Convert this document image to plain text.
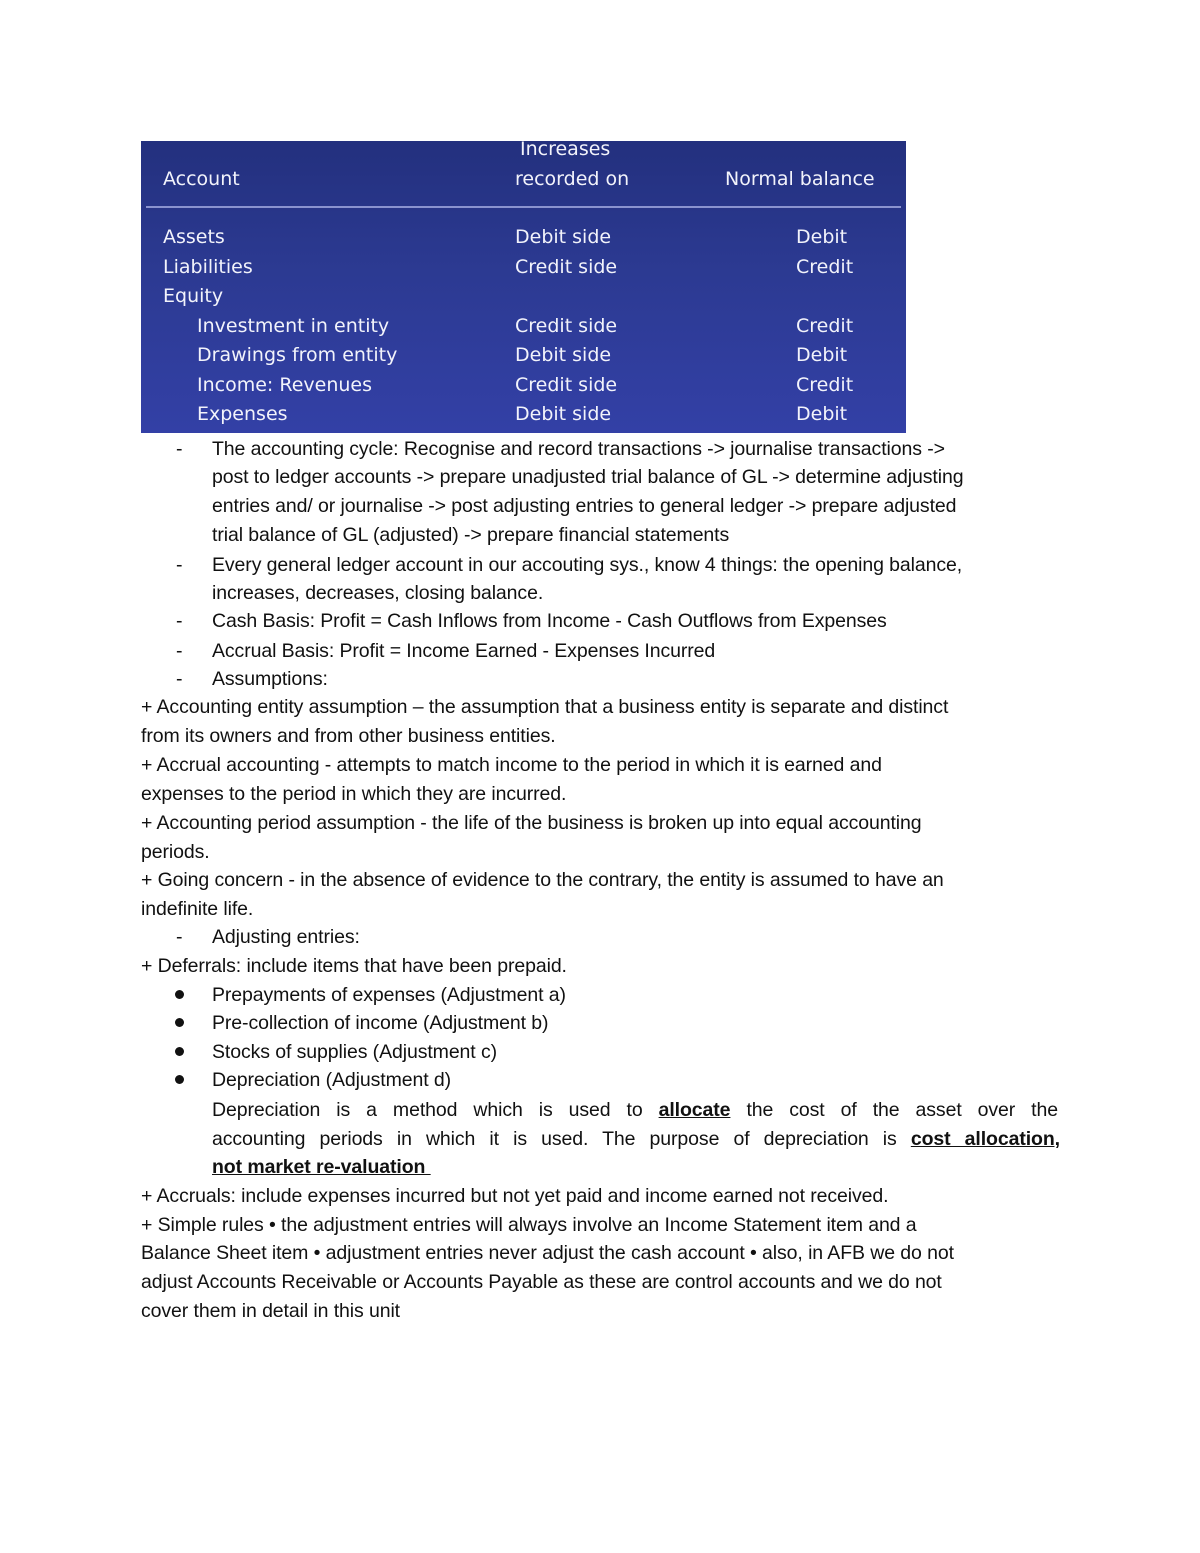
Increases
Account	recorded on	Normal balance
Assets	Debit side	Debit
Liabilities	Credit side	Credit
Equity
Investment in entity	Credit side	Credit
Drawings from entity	Debit side	Debit
Income: Revenues	Credit side	Credit
Expenses	Debit side	Debit
- The accounting cycle: Recognise and record transactions -> journalise transactions ->
post to ledger accounts -> prepare unadjusted trial balance of GL -> determine adjusting
entries and/ or journalise -> post adjusting entries to general ledger -> prepare adjusted
trial balance of GL (adjusted) -> prepare financial statements
- Every general ledger account in our accouting sys., know 4 things: the opening balance,
increases, decreases, closing balance.
- Cash Basis: Profit = Cash Inflows from Income - Cash Outflows from Expenses
- Accrual Basis: Profit = Income Earned - Expenses Incurred
- Assumptions:
+ Accounting entity assumption – the assumption that a business entity is separate and distinct
from its owners and from other business entities.
+ Accrual accounting - attempts to match income to the period in which it is earned and
expenses to the period in which they are incurred.
+ Accounting period assumption - the life of the business is broken up into equal accounting
periods.
+ Going concern - in the absence of evidence to the contrary, the entity is assumed to have an
indefinite life.
- Adjusting entries:
+ Deferrals: include items that have been prepaid.
Prepayments of expenses (Adjustment a)
Pre-collection of income (Adjustment b)
Stocks of supplies (Adjustment c)
Depreciation (Adjustment d)
Depreciation is a method which is used to allocate the cost of the asset over the
accounting periods in which it is used. The purpose of depreciation is cost allocation,
not market re-valuation
+ Accruals: include expenses incurred but not yet paid and income earned not received.
+ Simple rules • the adjustment entries will always involve an Income Statement item and a
Balance Sheet item • adjustment entries never adjust the cash account • also, in AFB we do not
adjust Accounts Receivable or Accounts Payable as these are control accounts and we do not
cover them in detail in this unit
